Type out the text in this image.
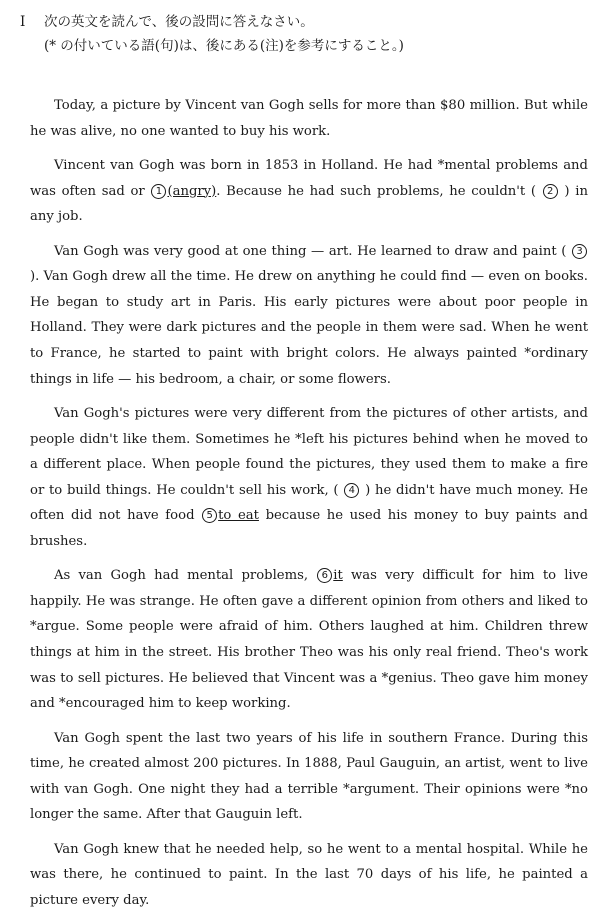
I 次の英文を読んで、後の設問に答えなさい。
(* の付いている語(句)は、後にある(注)を参考にすること。)

Today, a picture by Vincent van Gogh sells for more than $80 million. But while he was alive, no one wanted to buy his work.

Vincent van Gogh was born in 1853 in Holland. He had *mental problems and was often sad or 1 (angry). Because he had such problems, he couldn't ( 2 ) in any job.

Van Gogh was very good at one thing — art. He learned to draw and paint ( 3 ). Van Gogh drew all the time. He drew on anything he could find — even on books. He began to study art in Paris. His early pictures were about poor people in Holland. They were dark pictures and the people in them were sad. When he went to France, he started to paint with bright colors. He always painted *ordinary things in life — his bedroom, a chair, or some flowers.

Van Gogh's pictures were very different from the pictures of other artists, and people didn't like them. Sometimes he *left his pictures behind when he moved to a different place. When people found the pictures, they used them to make a fire or to build things. He couldn't sell his work, ( 4 ) he didn't have much money. He often did not have food 5 to eat because he used his money to buy paints and brushes.

As van Gogh had mental problems, 6 it was very difficult for him to live happily. He was strange. He often gave a different opinion from others and liked to *argue. Some people were afraid of him. Others laughed at him. Children threw things at him in the street. His brother Theo was his only real friend. Theo's work was to sell pictures. He believed that Vincent was a *genius. Theo gave him money and *encouraged him to keep working.

Van Gogh spent the last two years of his life in southern France. During this time, he created almost 200 pictures. In 1888, Paul Gauguin, an artist, went to live with van Gogh. One night they had a terrible *argument. Their opinions were *no longer the same. After that Gauguin left.

Van Gogh knew that he needed help, so he went to a mental hospital. While he was there, he continued to paint. In the last 70 days of his life, he painted a picture every day.
